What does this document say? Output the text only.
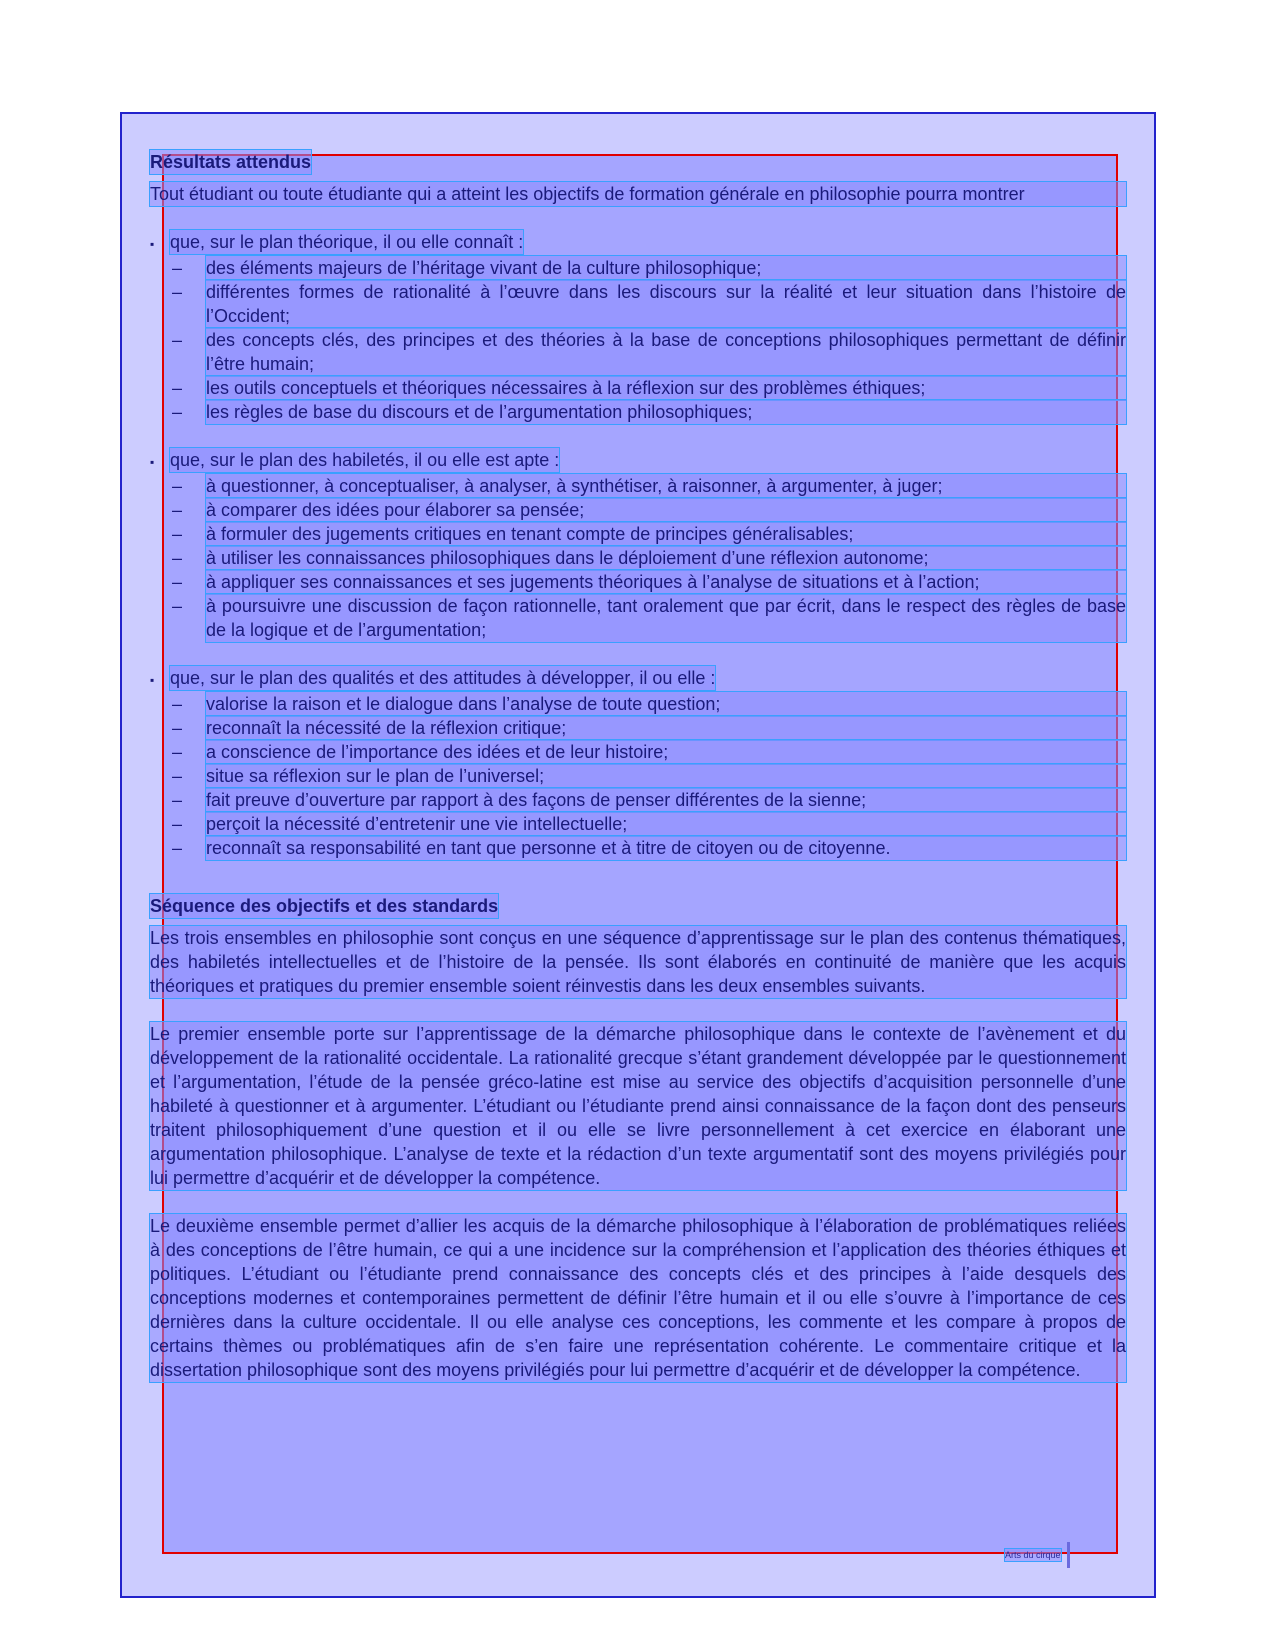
Résultats attendus

Tout étudiant ou toute étudiante qui a atteint les objectifs de formation générale en philosophie pourra montrer

▪ que, sur le plan théorique, il ou elle connaît :
–	des éléments majeurs de l’héritage vivant de la culture philosophique;
–	différentes formes de rationalité à l’œuvre dans les discours sur la réalité et leur situation dans l’histoire de l’Occident;
–	des concepts clés, des principes et des théories à la base de conceptions philosophiques permettant de définir l’être humain;
–	les outils conceptuels et théoriques nécessaires à la réflexion sur des problèmes éthiques;
–	les règles de base du discours et de l’argumentation philosophiques;
▪ que, sur le plan des habiletés, il ou elle est apte :
–	à questionner, à conceptualiser, à analyser, à synthétiser, à raisonner, à argumenter, à juger;
–	à comparer des idées pour élaborer sa pensée;
–	à formuler des jugements critiques en tenant compte de principes généralisables;
–	à utiliser les connaissances philosophiques dans le déploiement d’une réflexion autonome;
–	à appliquer ses connaissances et ses jugements théoriques à l’analyse de situations et à l’action;
–	à poursuivre une discussion de façon rationnelle, tant oralement que par écrit, dans le respect des règles de base de la logique et de l’argumentation;
▪ que, sur le plan des qualités et des attitudes à développer, il ou elle :
–	valorise la raison et le dialogue dans l’analyse de toute question;
–	reconnaît la nécessité de la réflexion critique;
–	a conscience de l’importance des idées et de leur histoire;
–	situe sa réflexion sur le plan de l’universel;
–	fait preuve d’ouverture par rapport à des façons de penser différentes de la sienne;
–	perçoit la nécessité d’entretenir une vie intellectuelle;
–	reconnaît sa responsabilité en tant que personne et à titre de citoyen ou de citoyenne.
Séquence des objectifs et des standards

Les trois ensembles en philosophie sont conçus en une séquence d’apprentissage sur le plan des contenus thématiques, des habiletés intellectuelles et de l’histoire de la pensée. Ils sont élaborés en continuité de manière que les acquis théoriques et pratiques du premier ensemble soient réinvestis dans les deux ensembles suivants.

Le premier ensemble porte sur l’apprentissage de la démarche philosophique dans le contexte de l’avènement et du développement de la rationalité occidentale. La rationalité grecque s’étant grandement développée par le questionnement et l’argumentation, l’étude de la pensée gréco-latine est mise au service des objectifs d’acquisition personnelle d’une habileté à questionner et à argumenter. L’étudiant ou l’étudiante prend ainsi connaissance de la façon dont des penseurs traitent philosophiquement d’une question et il ou elle se livre personnellement à cet exercice en élaborant une argumentation philosophique. L’analyse de texte et la rédaction d’un texte argumentatif sont des moyens privilégiés pour lui permettre d’acquérir et de développer la compétence.

Le deuxième ensemble permet d’allier les acquis de la démarche philosophique à l’élaboration de problématiques reliées à des conceptions de l’être humain, ce qui a une incidence sur la compréhension et l’application des théories éthiques et politiques. L’étudiant ou l’étudiante prend connaissance des concepts clés et des principes à l’aide desquels des conceptions modernes et contemporaines permettent de définir l’être humain et il ou elle s’ouvre à l’importance de ces dernières dans la culture occidentale. Il ou elle analyse ces conceptions, les commente et les compare à propos de certains thèmes ou problématiques afin de s’en faire une représentation cohérente. Le commentaire critique et la dissertation philosophique sont des moyens privilégiés pour lui permettre d’acquérir et de développer la compétence.

Arts du cirque
